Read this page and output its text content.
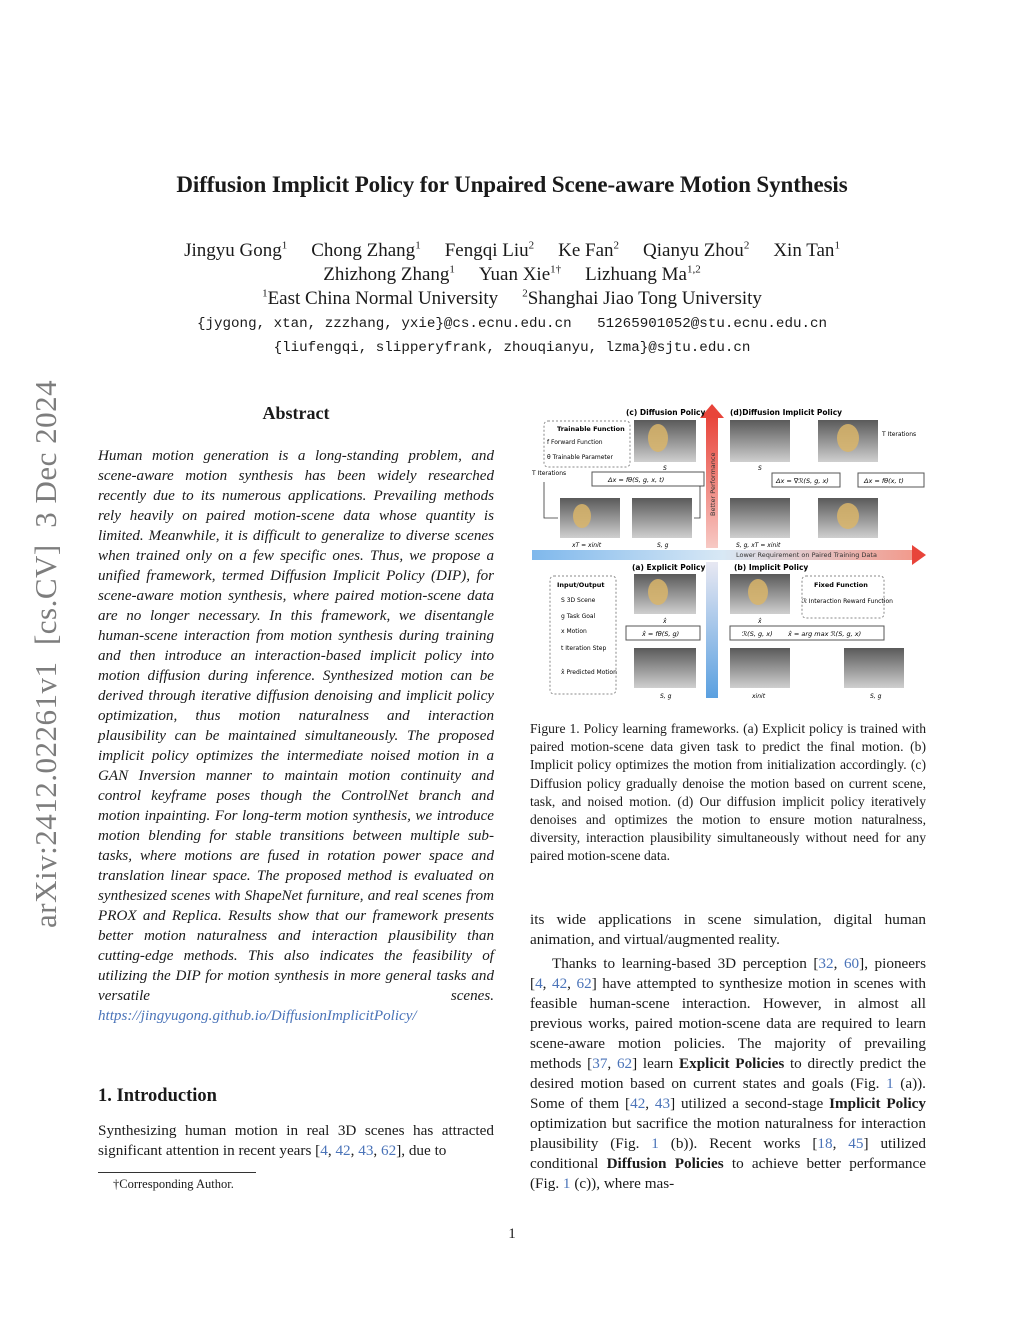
Diffusion Implicit Policy for Unpaired Scene-aware Motion Synthesis
Jingyu Gong$^1$ Chong Zhang$^1$ Fengqi Liu$^2$ Ke Fan$^2$ Qianyu Zhou$^2$ Xin Tan$^1$
Zhizhong Zhang$^1$ Yuan Xie$^{1\dagger}$ Lizhuang Ma$^{1,2}$
$^1$East China Normal University $^2$Shanghai Jiao Tong University
{jygong, xtan, zzzhang, yxie}@cs.ecnu.edu.cn   51265901052@stu.ecnu.edu.cn
{liufengqi, slipperyfrank, zhouqianyu, lzma}@sjtu.edu.cn
arXiv:2412.02261v1  [cs.CV]  3 Dec 2024	Abstract
Human motion generation is a long-standing problem, and scene-aware motion synthesis has been widely researched recently due to its numerous applications. Prevailing methods rely heavily on paired motion-scene data whose quantity is limited. Meanwhile, it is difficult to generalize to diverse scenes when trained only on a few specific ones. Thus, we propose a unified framework, termed Diffusion Implicit Policy (DIP), for scene-aware motion synthesis, where paired motion-scene data are no longer necessary. In this framework, we disentangle human-scene interaction from motion synthesis during training and then introduce an interaction-based implicit policy into motion diffusion during inference. Synthesized motion can be derived through iterative diffusion denoising and implicit policy optimization, thus motion naturalness and interaction plausibility can be maintained simultaneously. The proposed implicit policy optimizes the intermediate noised motion in a GAN Inversion manner to maintain motion continuity and control keyframe poses though the ControlNet branch and motion inpainting. For long-term motion synthesis, we introduce motion blending for stable transitions between multiple sub-tasks, where motions are fused in rotation power space and translation linear space. The proposed method is evaluated on synthesized scenes with ShapeNet furniture, and real scenes from PROX and Replica. Results show that our framework presents better motion naturalness and interaction plausibility than cutting-edge methods. This also indicates the feasibility of utilizing the DIP for motion synthesis in more general tasks and versatile scenes. https://jingyugong.github.io/DiffusionImplicitPolicy/
1. Introduction
Synthesizing human motion in real 3D scenes has attracted significant attention in recent years [4, 42, 43, 62], due to
†Corresponding Author.
1
Better Performance
Lower Requirement on Paired Training Data
(c) Diffusion Policy	(d)Diffusion Implicit Policy
(a) Explicit Policy	(b) Implicit Policy
Trainable Function
f Forward Function
θ Trainable Parameter
T Iterations
S
Δx = fθ(S, g, x, t)
xT = xinit	S, g
T Iterations
S
Δx = ∇ℛ(S, g, x)	Δx = fθ(x, t)
S, g, xT = xinit
Input/Output
S 3D Scene
g Task Goal
x Motion
t Iteration Step
x̂ Predicted Motion
x̂
x̂ = fθ(S, g)
S, g
Fixed Function
ℛ Interaction Reward Function
x̂
ℛ(S, g, x) x̂ = arg max ℛ(S, g, x)
xinit	S, g
Figure 1. Policy learning frameworks. (a) Explicit policy is trained with paired motion-scene data given task to predict the final motion. (b) Implicit policy optimizes the motion from initialization accordingly. (c) Diffusion policy gradually denoise the motion based on current scene, task, and noised motion. (d) Our diffusion implicit policy iteratively denoises and optimizes the motion to ensure motion naturalness, diversity, interaction plausibility simultaneously without need for any paired motion-scene data.
its wide applications in scene simulation, digital human animation, and virtual/augmented reality.
Thanks to learning-based 3D perception [32, 60], pioneers [4, 42, 62] have attempted to synthesize motion in scenes with feasible human-scene interaction. However, in almost all previous works, paired motion-scene data are required to learn scene-aware motion policies. The majority of prevailing methods [37, 62] learn Explicit Policies to directly predict the desired motion based on current states and goals (Fig. 1 (a)). Some of them [42, 43] utilized a second-stage Implicit Policy optimization but sacrifice the motion naturalness for interaction plausibility (Fig. 1 (b)). Recent works [18, 45] utilized conditional Diffusion Policies to achieve better performance (Fig. 1 (c)), where mas-
